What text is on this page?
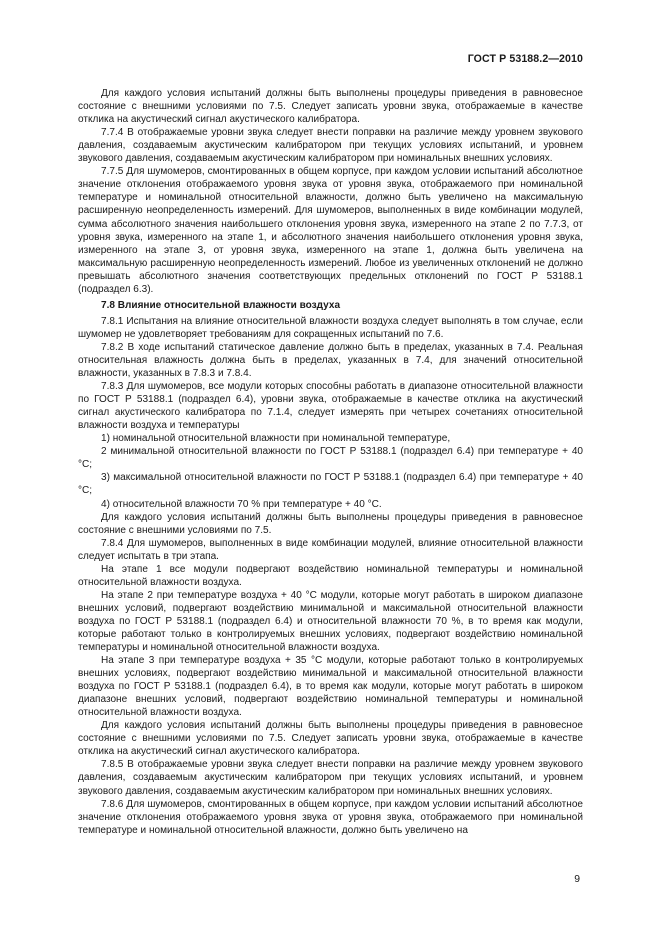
ГОСТ Р 53188.2—2010

Для каждого условия испытаний должны быть выполнены процедуры приведения в равновесное состояние с внешними условиями по 7.5. Следует записать уровни звука, отображаемые в качестве отклика на акустический сигнал акустического калибратора.

7.7.4 В отображаемые уровни звука следует внести поправки на различие между уровнем звукового давления, создаваемым акустическим калибратором при текущих условиях испытаний, и уровнем звукового давления, создаваемым акустическим калибратором при номинальных внешних условиях.

7.7.5 Для шумомеров, смонтированных в общем корпусе, при каждом условии испытаний абсолютное значение отклонения отображаемого уровня звука от уровня звука, отображаемого при номинальной температуре и номинальной относительной влажности, должно быть увеличено на максимальную расширенную неопределенность измерений. Для шумомеров, выполненных в виде комбинации модулей, сумма абсолютного значения наибольшего отклонения уровня звука, измеренного на этапе 2 по 7.7.3, от уровня звука, измеренного на этапе 1, и абсолютного значения наибольшего отклонения уровня звука, измеренного на этапе 3, от уровня звука, измеренного на этапе 1, должна быть увеличена на максимальную расширенную неопределенность измерений. Любое из увеличенных отклонений не должно превышать абсолютного значения соответствующих предельных отклонений по ГОСТ Р 53188.1 (подраздел 6.3).

7.8 Влияние относительной влажности воздуха

7.8.1 Испытания на влияние относительной влажности воздуха следует выполнять в том случае, если шумомер не удовлетворяет требованиям для сокращенных испытаний по 7.6.

7.8.2 В ходе испытаний статическое давление должно быть в пределах, указанных в 7.4. Реальная относительная влажность должна быть в пределах, указанных в 7.4, для значений относительной влажности, указанных в 7.8.3 и 7.8.4.

7.8.3 Для шумомеров, все модули которых способны работать в диапазоне относительной влажности по ГОСТ Р 53188.1 (подраздел 6.4), уровни звука, отображаемые в качестве отклика на акустический сигнал акустического калибратора по 7.1.4, следует измерять при четырех сочетаниях относительной влажности воздуха и температуры

1) номинальной относительной влажности при номинальной температуре,

2 минимальной относительной влажности по ГОСТ Р 53188.1 (подраздел 6.4) при температуре + 40 °С;

3) максимальной относительной влажности по ГОСТ Р 53188.1 (подраздел 6.4) при температуре + 40 °С;

4) относительной влажности 70 % при температуре + 40 °С.

Для каждого условия испытаний должны быть выполнены процедуры приведения в равновесное состояние с внешними условиями по 7.5.

7.8.4 Для шумомеров, выполненных в виде комбинации модулей, влияние относительной влажности следует испытать в три этапа.

На этапе 1 все модули подвергают воздействию номинальной температуры и номинальной относительной влажности воздуха.

На этапе 2 при температуре воздуха + 40 °С модули, которые могут работать в широком диапазоне внешних условий, подвергают воздействию минимальной и максимальной относительной влажности воздуха по ГОСТ Р 53188.1 (подраздел 6.4) и относительной влажности 70 %, в то время как модули, которые работают только в контролируемых внешних условиях, подвергают воздействию номинальной температуры и номинальной относительной влажности воздуха.

На этапе 3 при температуре воздуха + 35 °С модули, которые работают только в контролируемых внешних условиях, подвергают воздействию минимальной и максимальной относительной влажности воздуха по ГОСТ Р 53188.1 (подраздел 6.4), в то время как модули, которые могут работать в широком диапазоне внешних условий, подвергают воздействию номинальной температуры и номинальной относительной влажности воздуха.

Для каждого условия испытаний должны быть выполнены процедуры приведения в равновесное состояние с внешними условиями по 7.5. Следует записать уровни звука, отображаемые в качестве отклика на акустический сигнал акустического калибратора.

7.8.5 В отображаемые уровни звука следует внести поправки на различие между уровнем звукового давления, создаваемым акустическим калибратором при текущих условиях испытаний, и уровнем звукового давления, создаваемым акустическим калибратором при номинальных внешних условиях.

7.8.6 Для шумомеров, смонтированных в общем корпусе, при каждом условии испытаний абсолютное значение отклонения отображаемого уровня звука от уровня звука, отображаемого при номинальной температуре и номинальной относительной влажности, должно быть увеличено на

9
